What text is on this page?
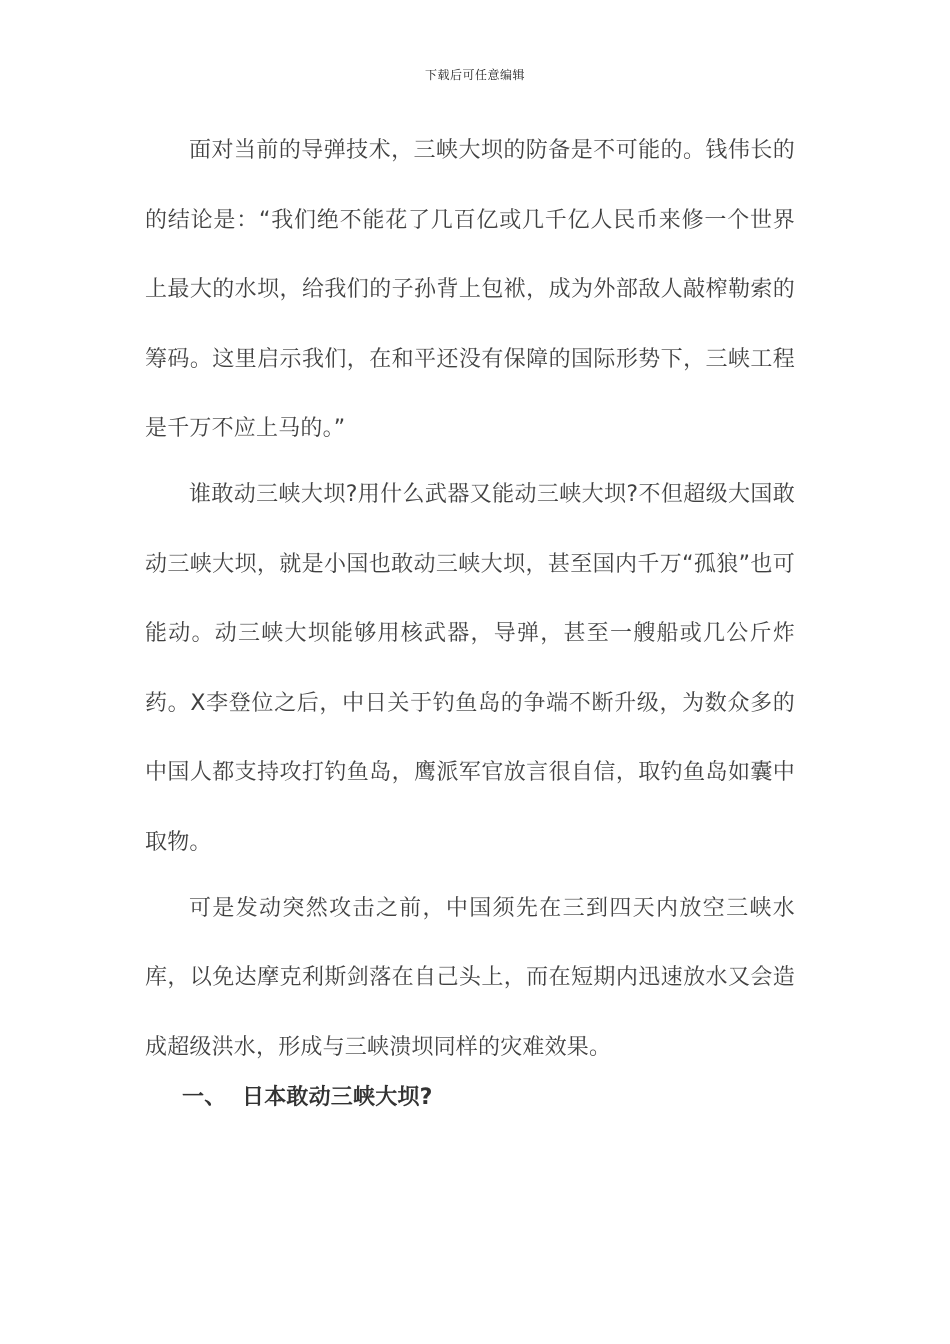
下载后可任意编辑

面对当前的导弹技术，三峡大坝的防备是不可能的。钱伟长的的结论是：“我们绝不能花了几百亿或几千亿人民币来修一个世界上最大的水坝，给我们的子孙背上包袱，成为外部敌人敲榨勒索的筹码。这里启示我们，在和平还没有保障的国际形势下，三峡工程是千万不应上马的。”

谁敢动三峡大坝?用什么武器又能动三峡大坝?不但超级大国敢动三峡大坝，就是小国也敢动三峡大坝，甚至国内千万“孤狼”也可能动。动三峡大坝能够用核武器，导弹，甚至一艘船或几公斤炸药。X李登位之后，中日关于钓鱼岛的争端不断升级，为数众多的中国人都支持攻打钓鱼岛，鹰派军官放言很自信，取钓鱼岛如囊中取物。

可是发动突然攻击之前，中国须先在三到四天内放空三峡水库，以免达摩克利斯剑落在自己头上，而在短期内迅速放水又会造成超级洪水，形成与三峡溃坝同样的灾难效果。

一、 日本敢动三峡大坝?
